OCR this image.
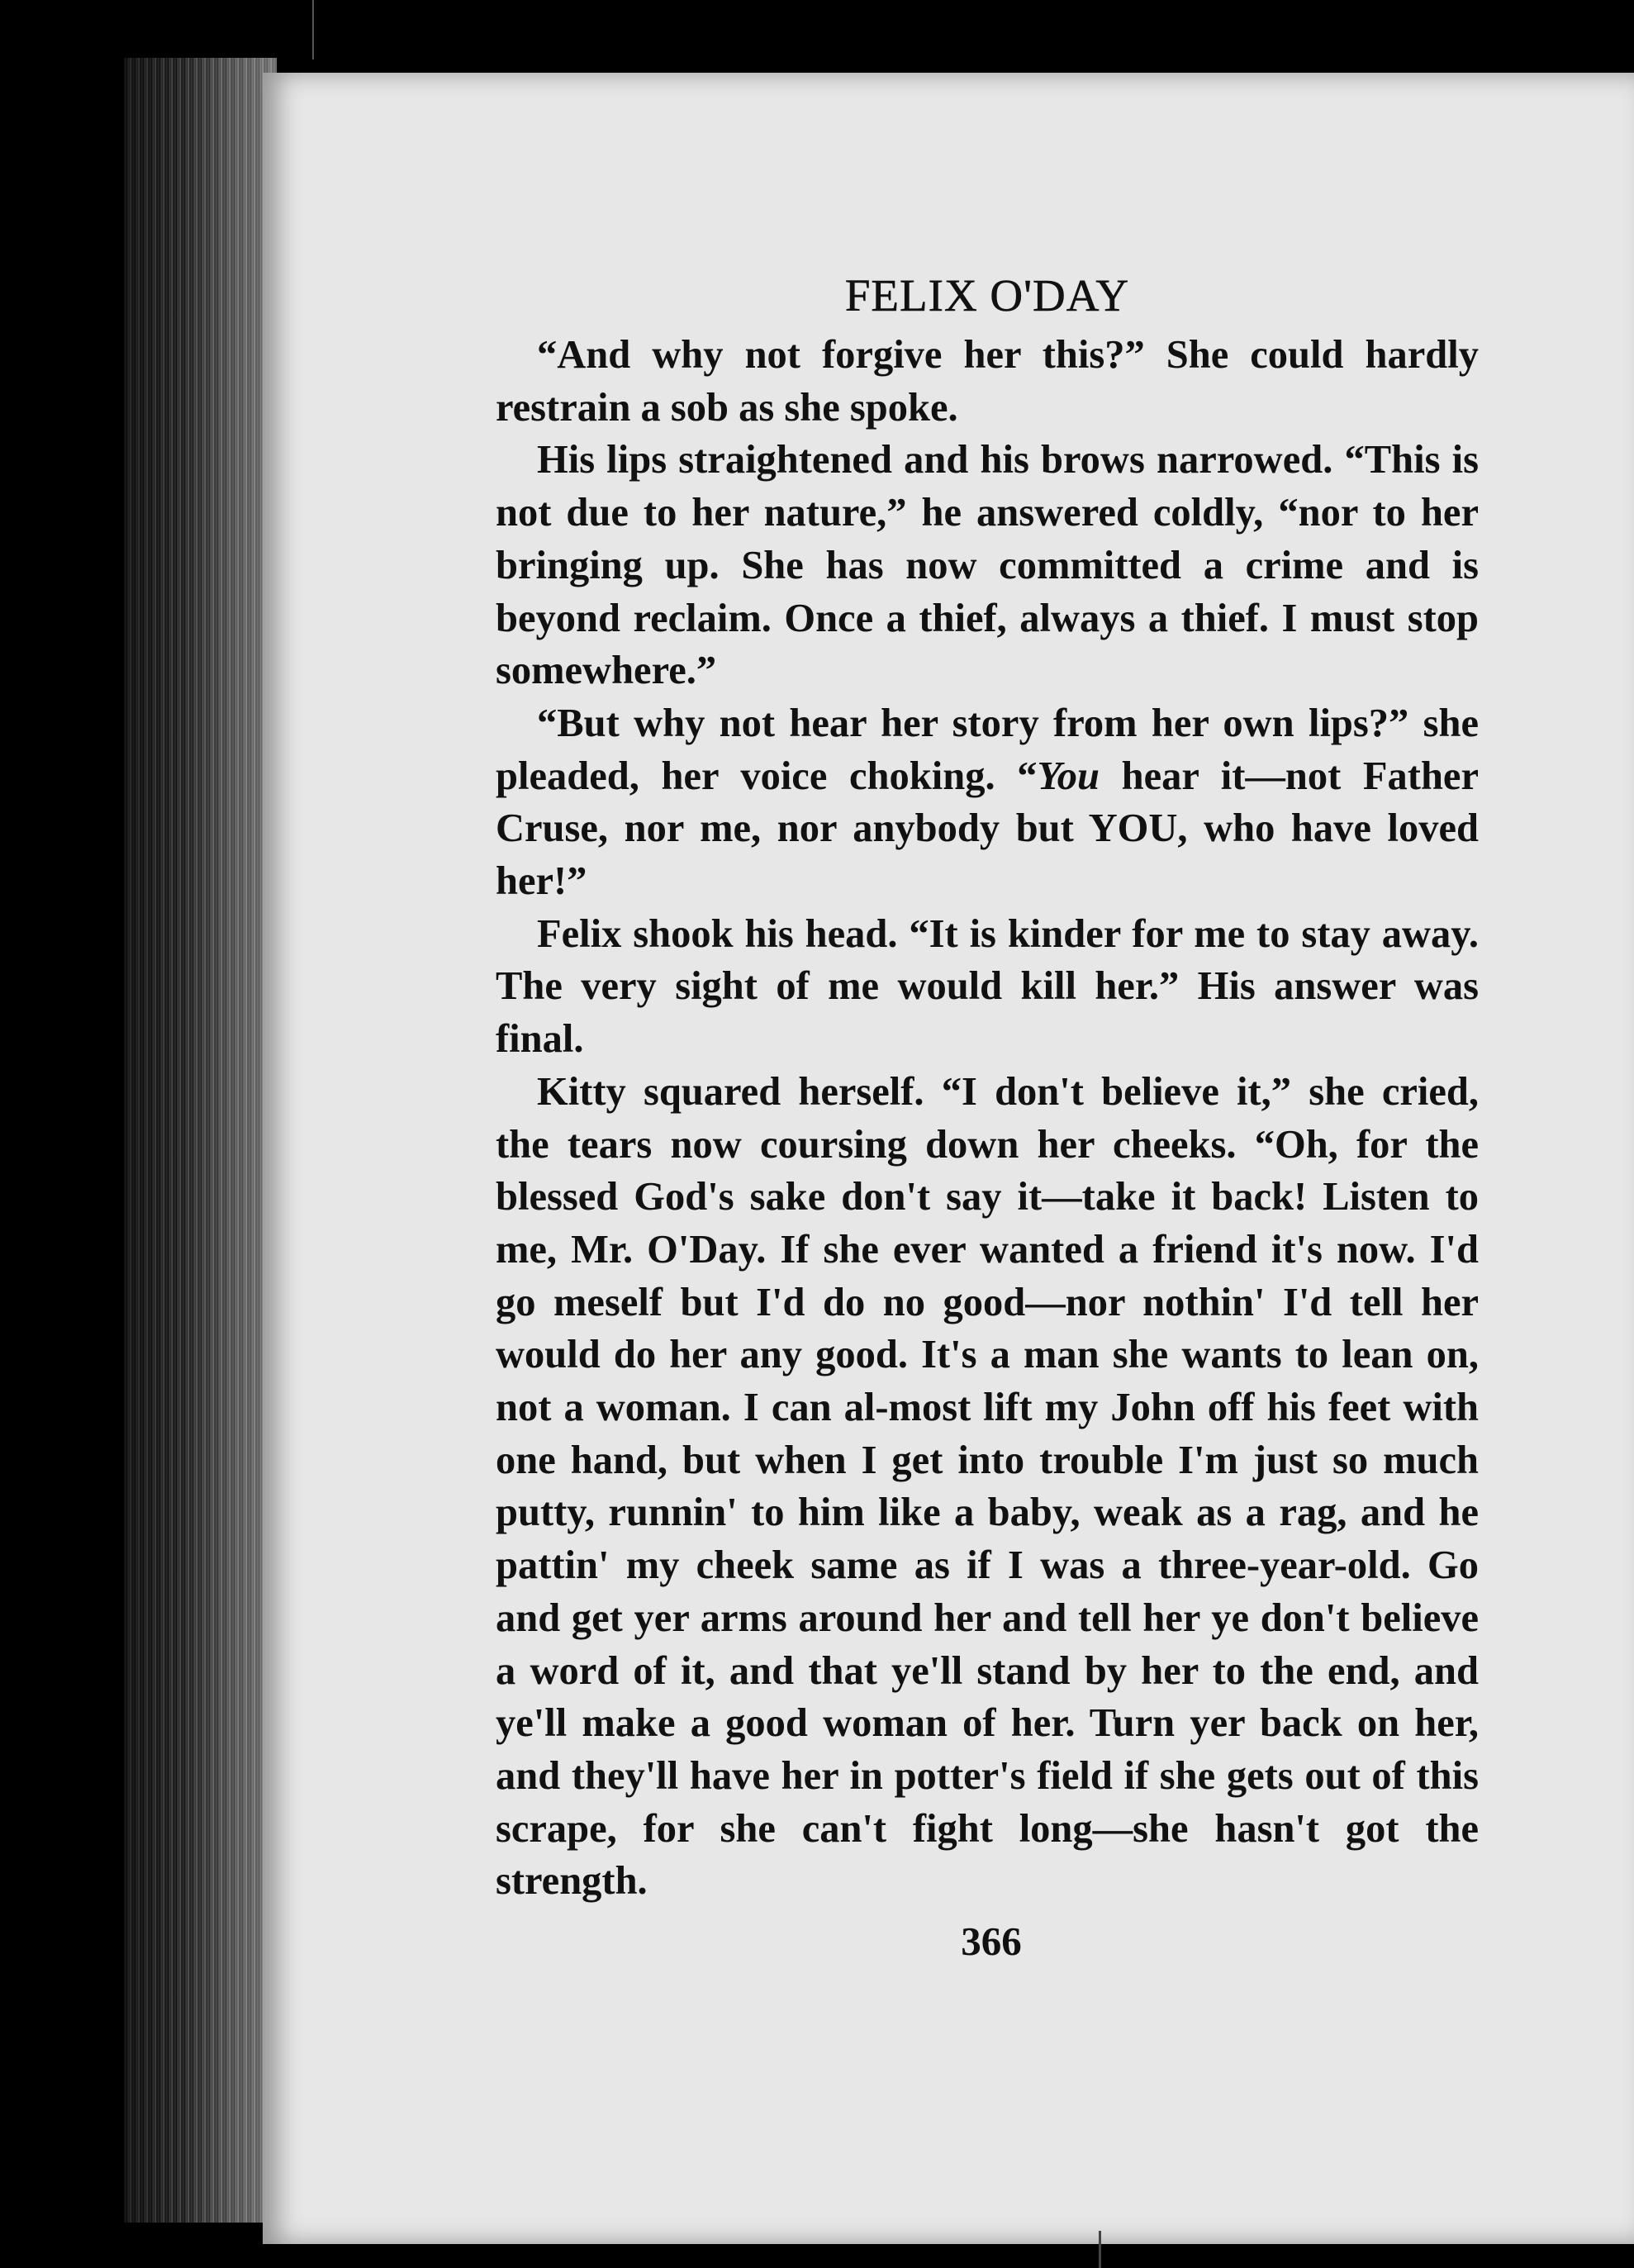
FELIX O'DAY

“And why not forgive her this?” She could hardly restrain a sob as she spoke.

His lips straightened and his brows narrowed. “This is not due to her nature,” he answered coldly, “nor to her bringing up. She has now committed a crime and is beyond reclaim. Once a thief, always a thief. I must stop somewhere.”

“But why not hear her story from her own lips?” she pleaded, her voice choking. “You hear it—not Father Cruse, nor me, nor anybody but YOU, who have loved her!”

Felix shook his head. “It is kinder for me to stay away. The very sight of me would kill her.” His answer was final.

Kitty squared herself. “I don't believe it,” she cried, the tears now coursing down her cheeks. “Oh, for the blessed God's sake don't say it—take it back! Listen to me, Mr. O'Day. If she ever wanted a friend it's now. I'd go meself but I'd do no good—nor nothin' I'd tell her would do her any good. It's a man she wants to lean on, not a woman. I can al-most lift my John off his feet with one hand, but when I get into trouble I'm just so much putty, runnin' to him like a baby, weak as a rag, and he pattin' my cheek same as if I was a three-year-old. Go and get yer arms around her and tell her ye don't believe a word of it, and that ye'll stand by her to the end, and ye'll make a good woman of her. Turn yer back on her, and they'll have her in potter's field if she gets out of this scrape, for she can't fight long—she hasn't got the strength.

366
